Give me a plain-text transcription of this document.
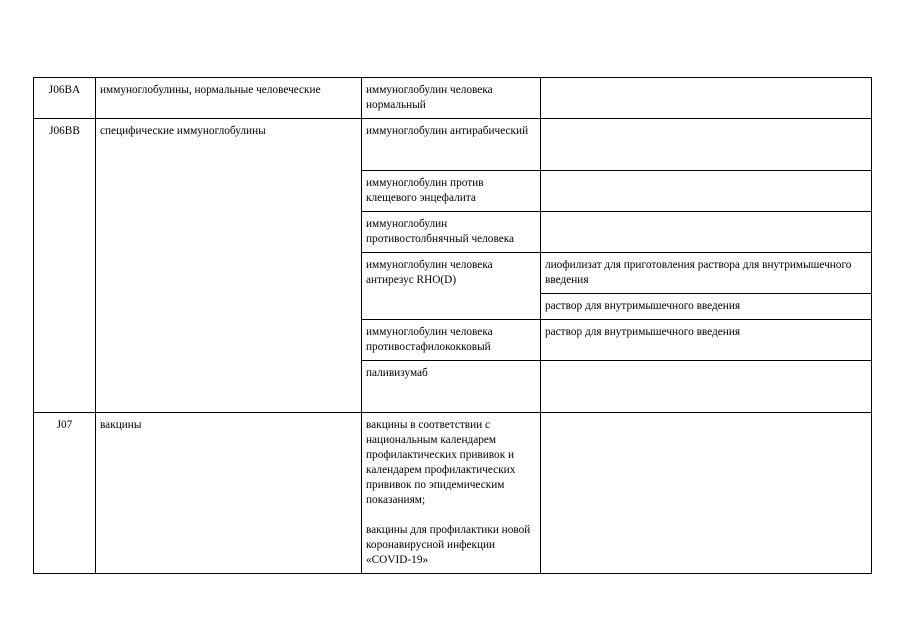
J06BA	иммуноглобулины, нормальные человеческие	иммуноглобулин человека нормальный	
J06BB	специфические иммуноглобулины	иммуноглобулин антирабический	
		иммуноглобулин против клещевого энцефалита	
		иммуноглобулин противостолбнячный человека	
		иммуноглобулин человека антирезус RHO(D)	лиофилизат для приготовления раствора для внутримышечного введения
			раствор для внутримышечного введения
		иммуноглобулин человека противостафилококковый	раствор для внутримышечного введения
		паливизумаб	
J07	вакцины	вакцины в соответствии с национальным календарем профилактических прививок и календарем профилактических прививок по эпидемическим показаниям;
вакцины для профилактики новой коронавирусной инфекции «COVID-19»	
